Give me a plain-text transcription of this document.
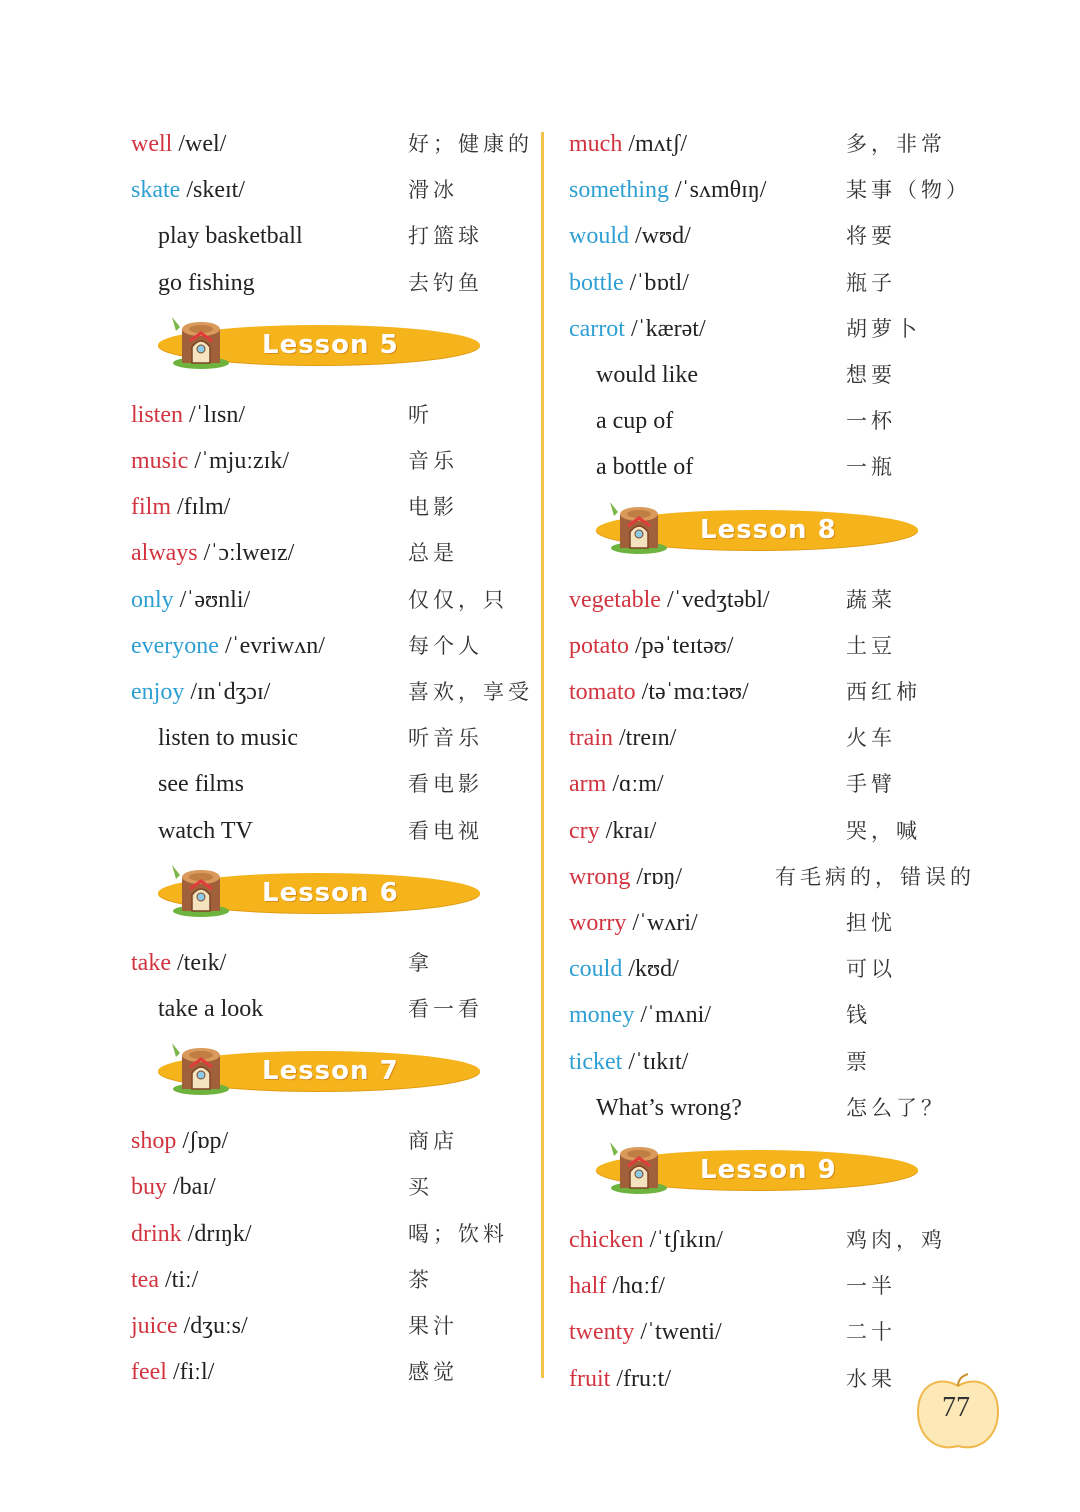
well /wel/	好；健康的
skate /skeɪt/	滑冰
play basketball	打篮球
go fishing	去钓鱼
Lesson 5
listen /ˈlɪsn/	听
music /ˈmjuːzɪk/	音乐
film /fɪlm/	电影
always /ˈɔːlweɪz/	总是
only /ˈəʊnli/	仅仅，只
everyone /ˈevriwʌn/	每个人
enjoy /ɪnˈdʒɔɪ/	喜欢，享受
listen to music	听音乐
see films	看电影
watch TV	看电视
Lesson 6
take /teɪk/	拿
take a look	看一看
Lesson 7
shop /ʃɒp/	商店
buy /baɪ/	买
drink /drɪŋk/	喝；饮料
tea /tiː/	茶
juice /dʒuːs/	果汁
feel /fiːl/	感觉
much /mʌtʃ/	多，非常
something /ˈsʌmθɪŋ/	某事（物）
would /wʊd/	将要
bottle /ˈbɒtl/	瓶子
carrot /ˈkærət/	胡萝卜
would like	想要
a cup of	一杯
a bottle of	一瓶
Lesson 8
vegetable /ˈvedʒtəbl/	蔬菜
potato /pəˈteɪtəʊ/	土豆
tomato /təˈmɑːtəʊ/	西红柿
train /treɪn/	火车
arm /ɑːm/	手臂
cry /kraɪ/	哭，喊
wrong /rɒŋ/	有毛病的，错误的
worry /ˈwʌri/	担忧
could /kʊd/	可以
money /ˈmʌni/	钱
ticket /ˈtɪkɪt/	票
What’s wrong?	怎么了？
Lesson 9
chicken /ˈtʃɪkɪn/	鸡肉，鸡
half /hɑːf/	一半
twenty /ˈtwenti/	二十
fruit /fruːt/	水果
77
